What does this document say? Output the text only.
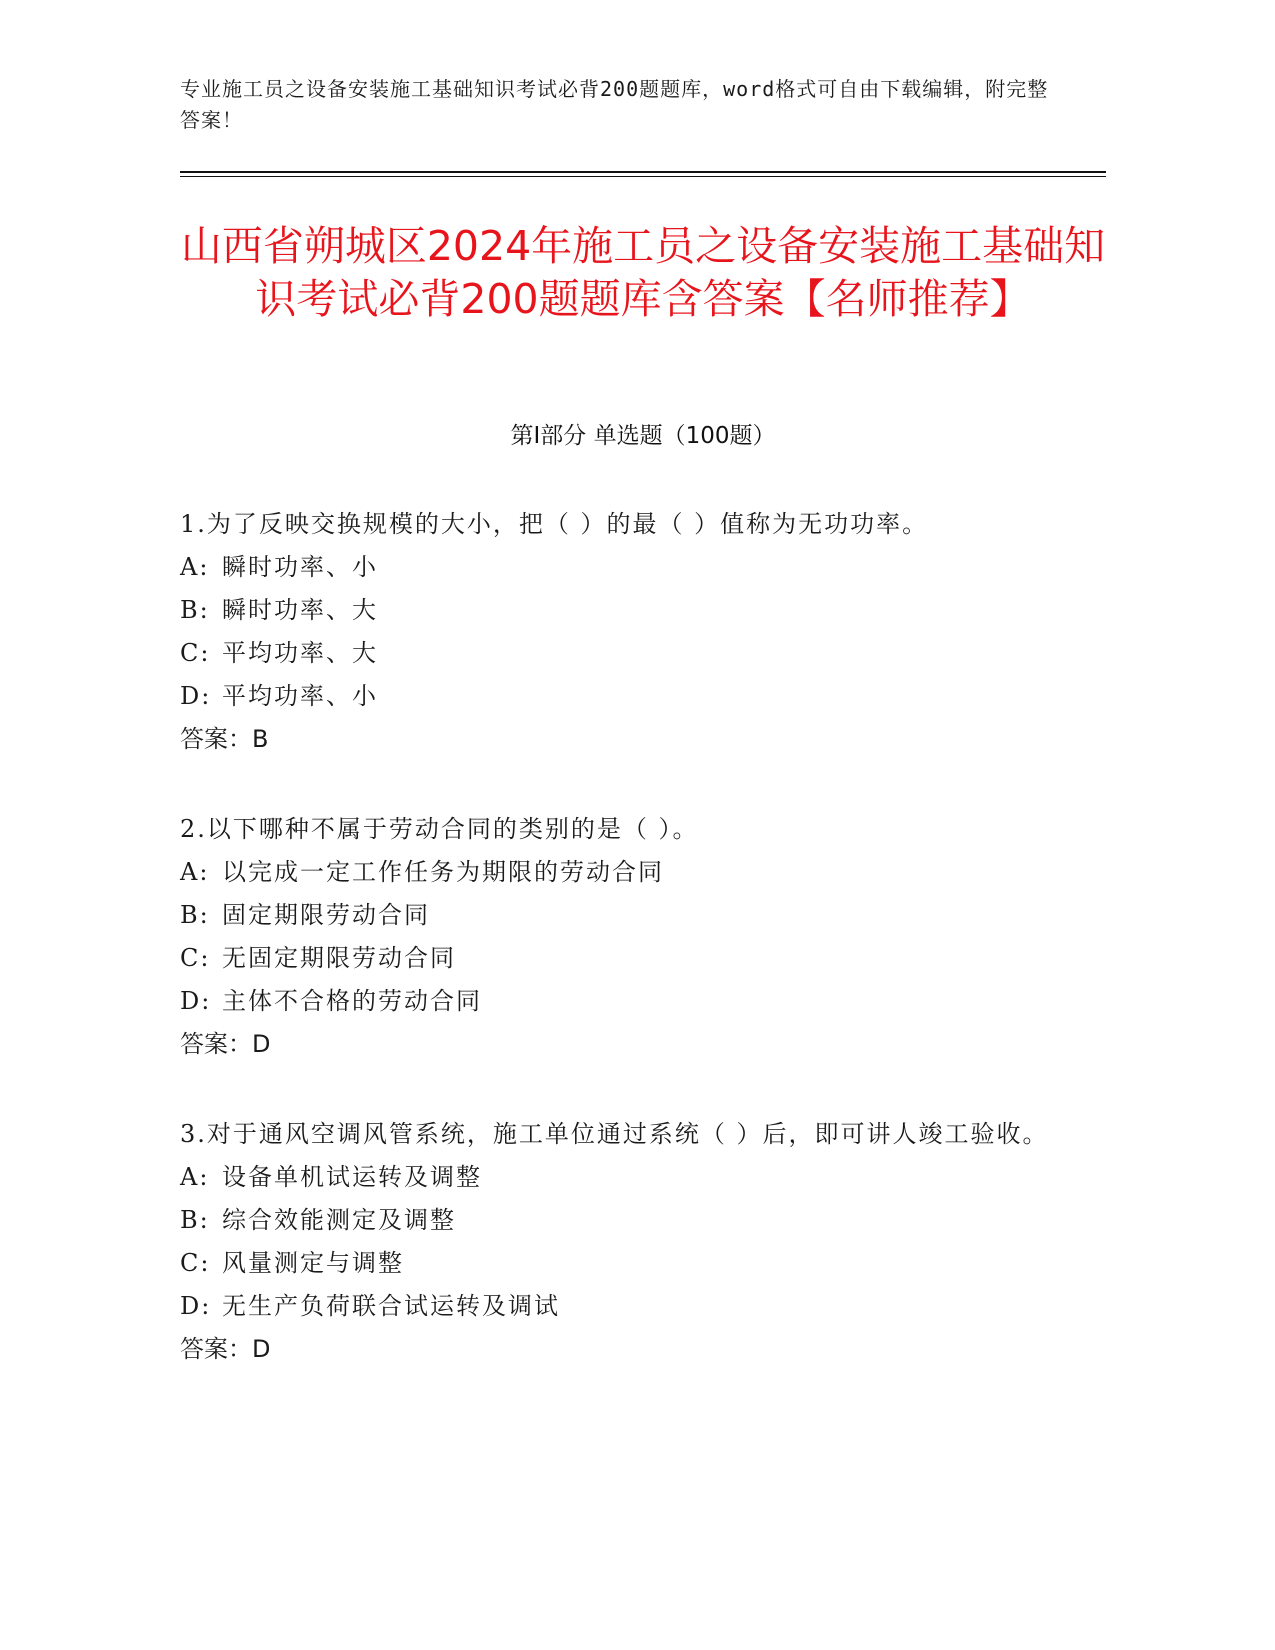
专业施工员之设备安装施工基础知识考试必背200题题库，word格式可自由下载编辑，附完整答案！
山西省朔城区2024年施工员之设备安装施工基础知识考试必背200题题库含答案【名师推荐】
第I部分 单选题（100题）
1.为了反映交换规模的大小，把（ ）的最（ ）值称为无功功率。
A: 瞬时功率、小
B: 瞬时功率、大
C: 平均功率、大
D: 平均功率、小
答案：B
2.以下哪种不属于劳动合同的类别的是（ ）。
A: 以完成一定工作任务为期限的劳动合同
B: 固定期限劳动合同
C: 无固定期限劳动合同
D: 主体不合格的劳动合同
答案：D
3.对于通风空调风管系统，施工单位通过系统（ ）后，即可讲人竣工验收。
A: 设备单机试运转及调整
B: 综合效能测定及调整
C: 风量测定与调整
D: 无生产负荷联合试运转及调试
答案：D
